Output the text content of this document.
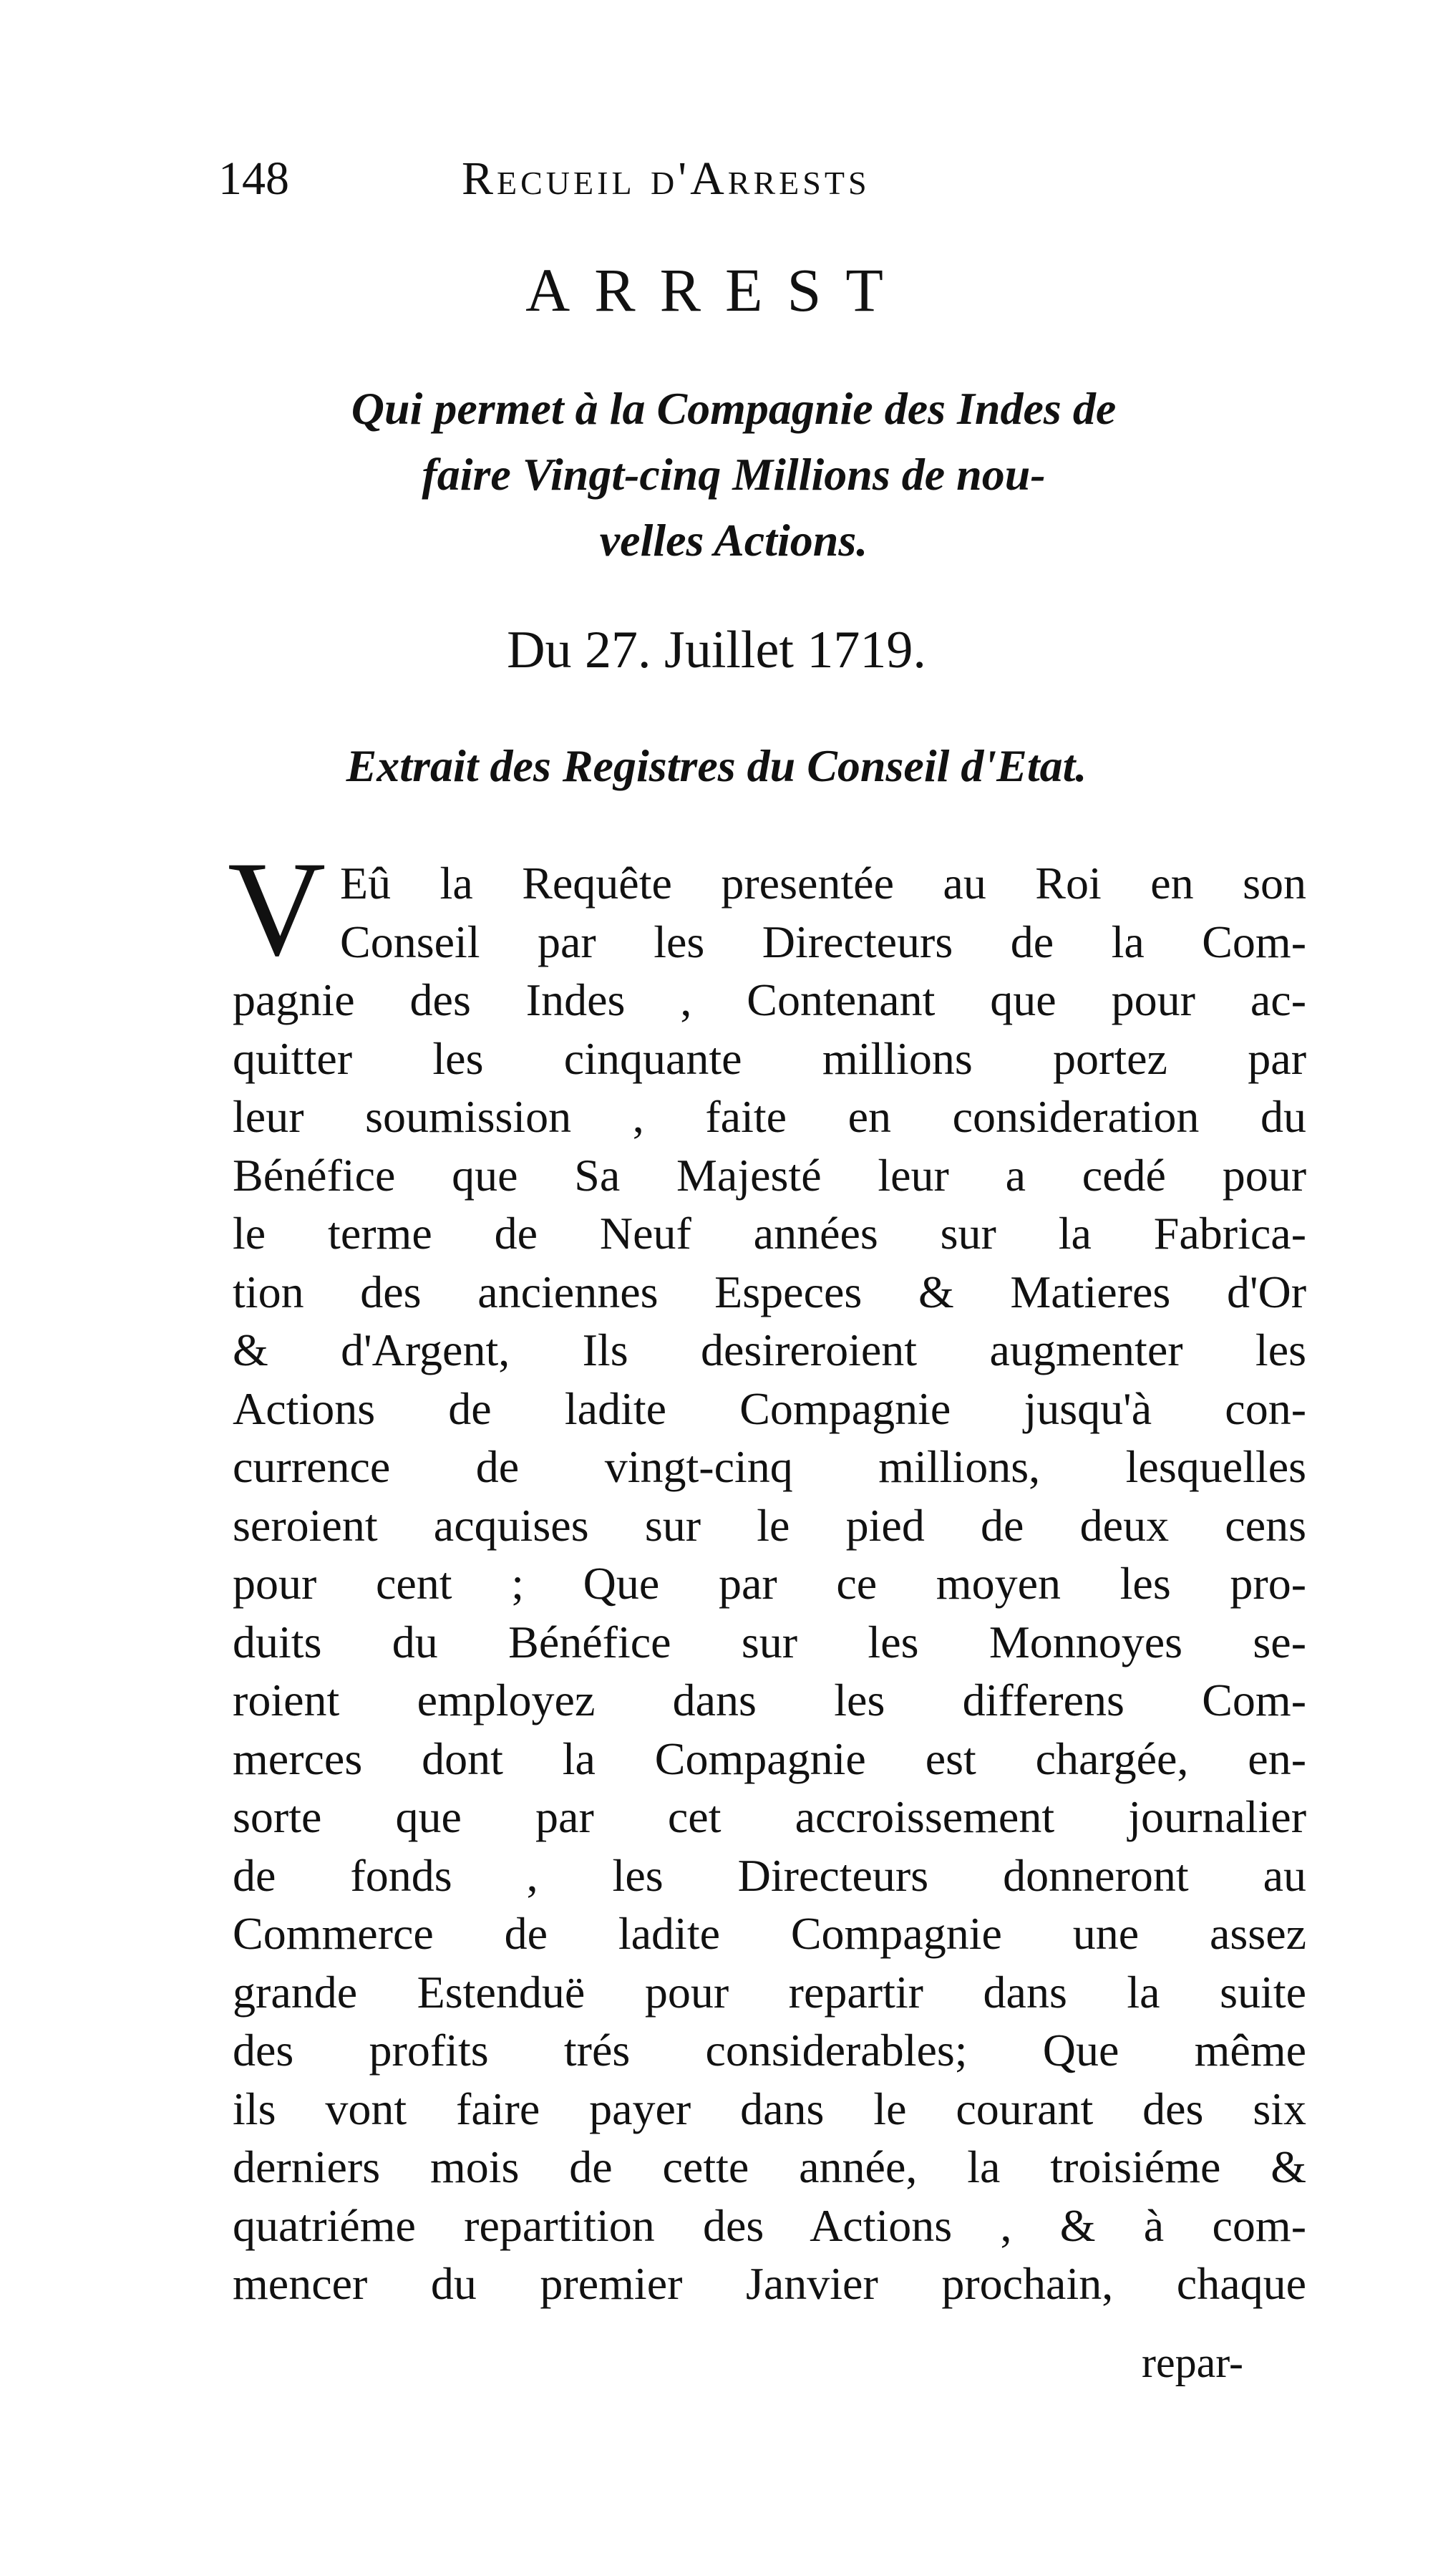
148	Recueil d'Arrests
ARREST
Qui permet à la Compagnie des Indes de
faire Vingt-cinq Millions de nou-
velles Actions.
Du 27. Juillet 1719.
Extrait des Registres du Conseil d'Etat.
V Eû la Requête presentée au Roi en son
Conseil par les Directeurs de la Com-
pagnie des Indes , Contenant que pour ac-
quitter les cinquante millions portez par
leur soumission , faite en consideration du
Bénéfice que Sa Majesté leur a cedé pour
le terme de Neuf années sur la Fabrica-
tion des anciennes Especes & Matieres d'Or
& d'Argent, Ils desireroient augmenter les
Actions de ladite Compagnie jusqu'à con-
currence de vingt-cinq millions, lesquelles
seroient acquises sur le pied de deux cens
pour cent ; Que par ce moyen les pro-
duits du Bénéfice sur les Monnoyes se-
roient employez dans les differens Com-
merces dont la Compagnie est chargée, en-
sorte que par cet accroissement journalier
de fonds , les Directeurs donneront au
Commerce de ladite Compagnie une assez
grande Estenduë pour repartir dans la suite
des profits trés considerables; Que même
ils vont faire payer dans le courant des six
derniers mois de cette année, la troisiéme &
quatriéme repartition des Actions , & à com-
mencer du premier Janvier prochain, chaque
repar-
